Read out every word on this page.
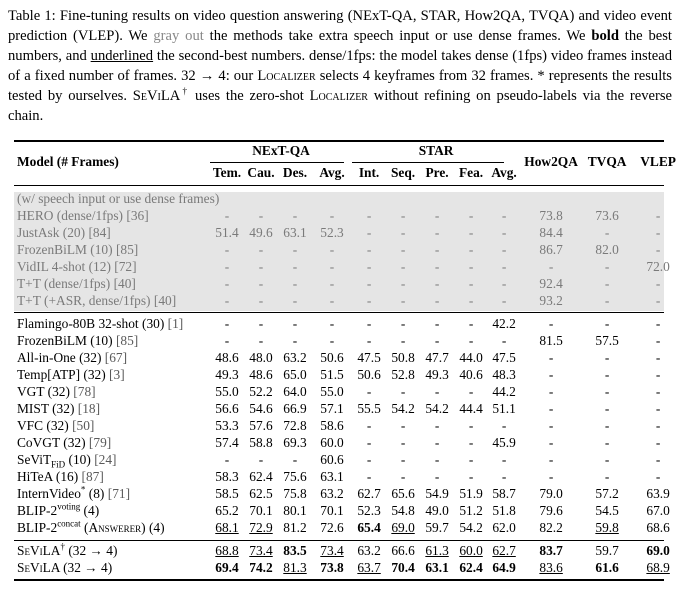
Table 1: Fine-tuning results on video question answering (NExT-QA, STAR, How2QA, TVQA) and video event prediction (VLEP). We gray out the methods take extra speech input or use dense frames. We bold the best numbers, and underlined the second-best numbers. dense/1fps: the model takes dense (1fps) video frames instead of a fixed number of frames. 32 → 4: our Localizer selects 4 keyframes from 32 frames. * represents the results tested by ourselves. SeViLA† uses the zero-shot Localizer without refining on pseudo-labels via the reverse chain.
Model (# Frames)	NExT-QA				STAR					How2QA	TVQA	VLEP
	Tem.	Cau.	Des.	Avg.	Int.	Seq.	Pre.	Fea.	Avg.			

(w/ speech input or use dense frames)												
HERO (dense/1fps) [36]	-	-	-	-	-	-	-	-	-	73.8	73.6	-
JustAsk (20) [84]	51.4	49.6	63.1	52.3	-	-	-	-	-	84.4	-	-
FrozenBiLM (10) [85]	-	-	-	-	-	-	-	-	-	86.7	82.0	-
VidIL 4-shot (12) [72]	-	-	-	-	-	-	-	-	-	-	-	72.0
T+T (dense/1fps) [40]	-	-	-	-	-	-	-	-	-	92.4	-	-
T+T (+ASR, dense/1fps) [40]	-	-	-	-	-	-	-	-	-	93.2	-	-

Flamingo-80B 32-shot (30) [1]	-	-	-	-	-	-	-	-	42.2	-	-	-
FrozenBiLM (10) [85]	-	-	-	-	-	-	-	-	-	81.5	57.5	-
All-in-One (32) [67]	48.6	48.0	63.2	50.6	47.5	50.8	47.7	44.0	47.5	-	-	-
Temp[ATP] (32) [3]	49.3	48.6	65.0	51.5	50.6	52.8	49.3	40.6	48.3	-	-	-
VGT (32) [78]	55.0	52.2	64.0	55.0	-	-	-	-	44.2	-	-	-
MIST (32) [18]	56.6	54.6	66.9	57.1	55.5	54.2	54.2	44.4	51.1	-	-	-
VFC (32) [50]	53.3	57.6	72.8	58.6	-	-	-	-	-	-	-	-
CoVGT (32) [79]	57.4	58.8	69.3	60.0	-	-	-	-	45.9	-	-	-
SeViT$_{FiD}$ (10) [24]	-	-	-	60.6	-	-	-	-	-	-	-	-
HiTeA (16) [87]	58.3	62.4	75.6	63.1	-	-	-	-	-	-	-	-
InternVideo* (8) [71]	58.5	62.5	75.8	63.2	62.7	65.6	54.9	51.9	58.7	79.0	57.2	63.9
BLIP-$2^{voting}$ (4)	65.2	70.1	80.1	70.1	52.3	54.8	49.0	51.2	51.8	79.6	54.5	67.0
BLIP-$2^{concat}$ (Answerer) (4)	68.1	72.9	81.2	72.6	65.4	69.0	59.7	54.2	62.0	82.2	59.8	68.6

SeViLA† (32 → 4)	68.8	73.4	83.5	73.4	63.2	66.6	61.3	60.0	62.7	83.7	59.7	69.0
SeViLA (32 → 4)	69.4	74.2	81.3	73.8	63.7	70.4	63.1	62.4	64.9	83.6	61.6	68.9
